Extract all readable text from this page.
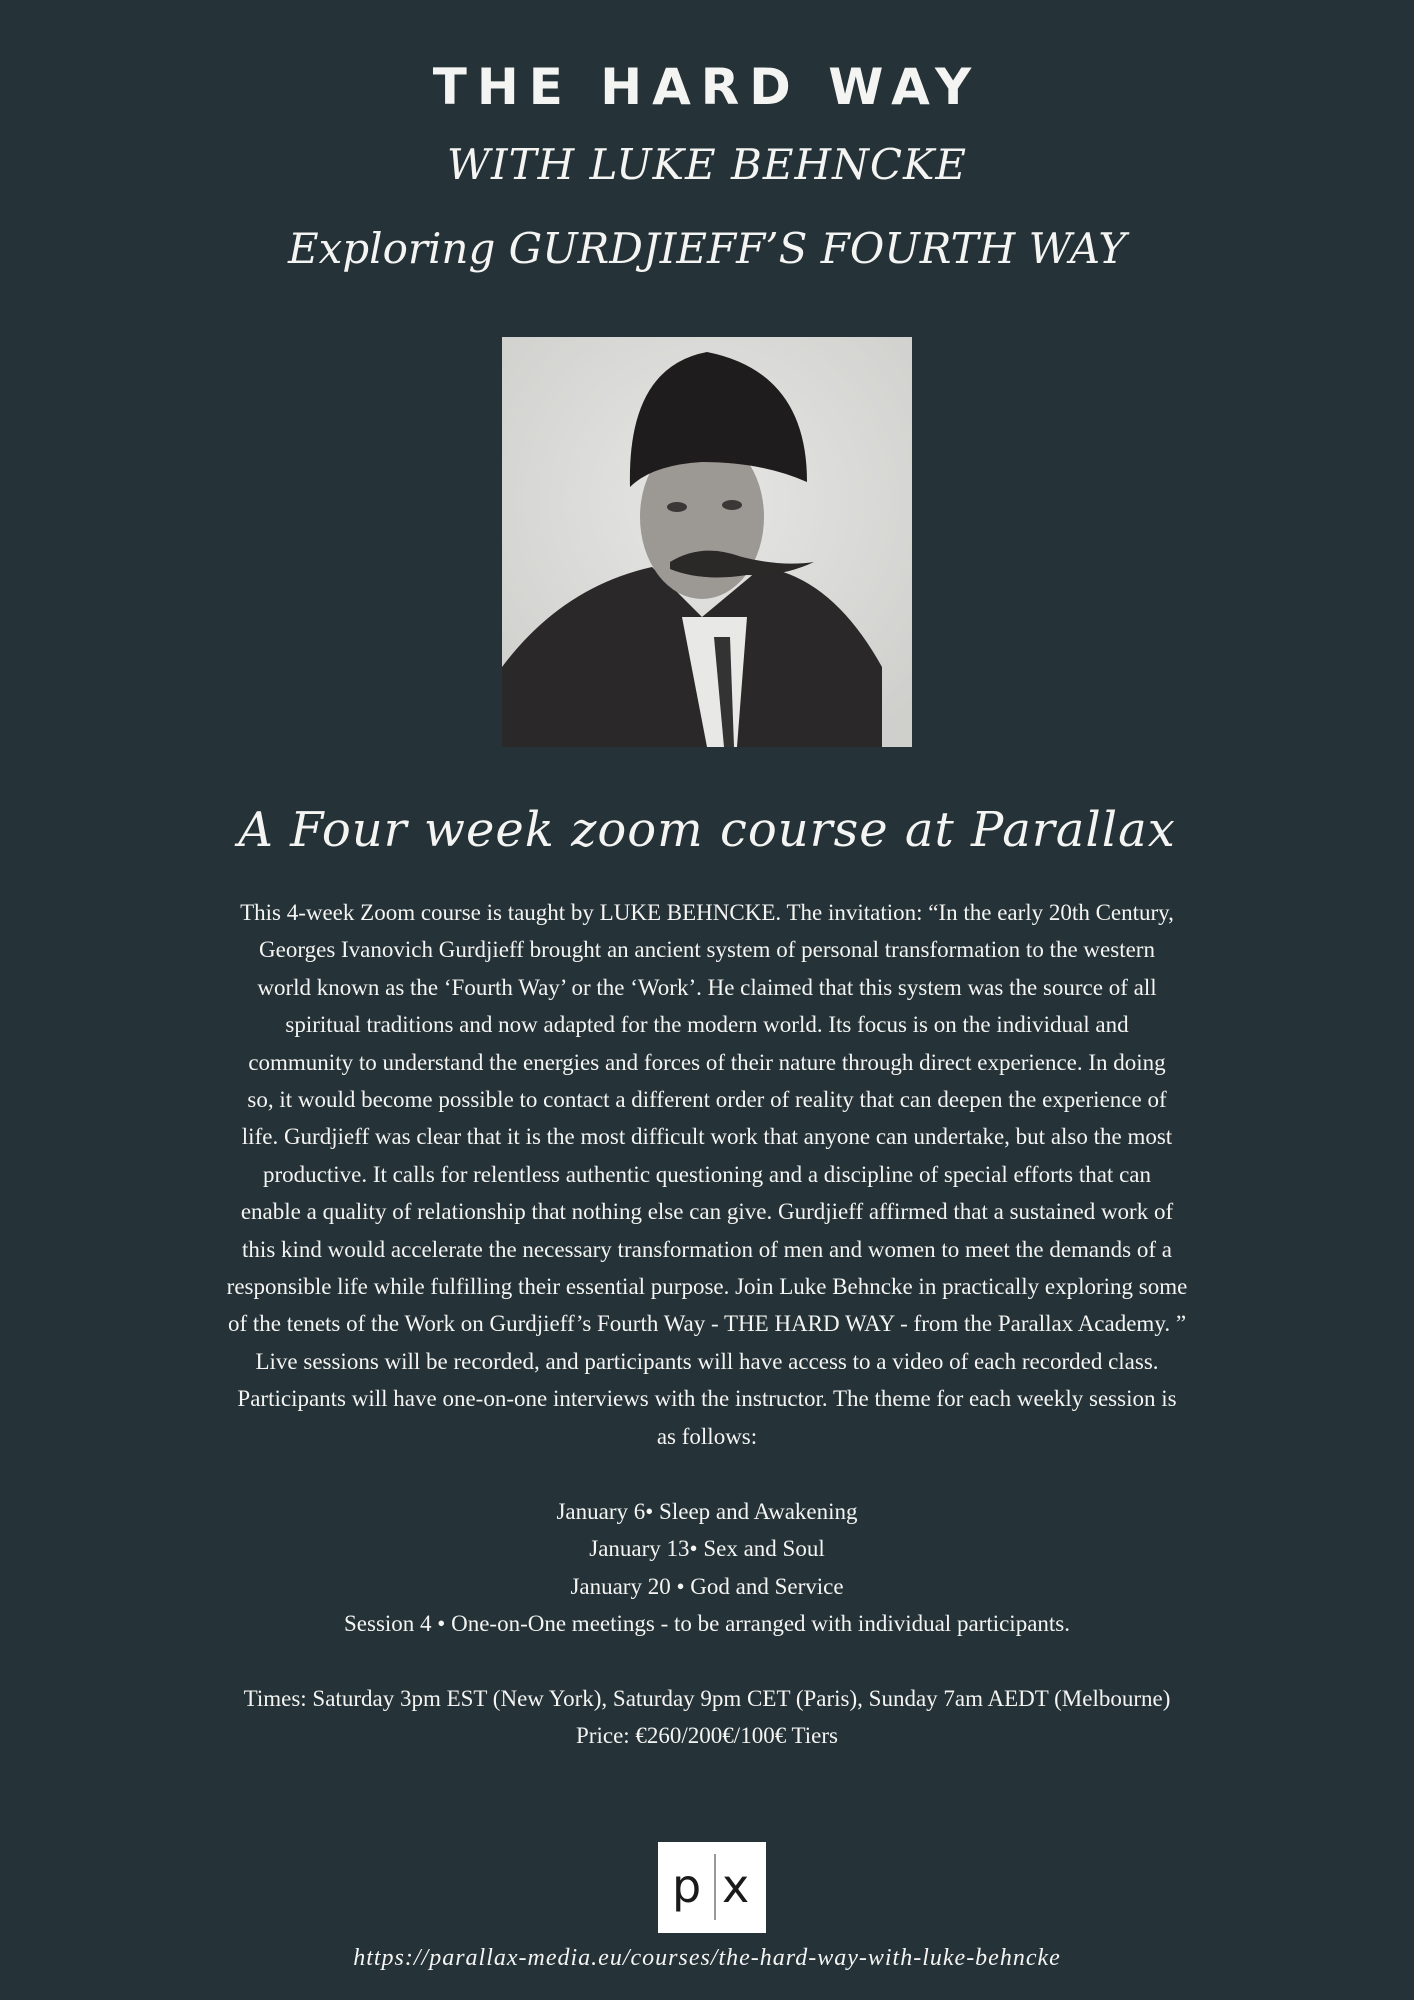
THE HARD WAY
WITH LUKE BEHNCKE
Exploring GURDJIEFF’S FOURTH WAY
A Four week zoom course at Parallax
This 4-week Zoom course is taught by LUKE BEHNCKE. The invitation: “In the early 20th Century,
Georges Ivanovich Gurdjieff brought an ancient system of personal transformation to the western
world known as the ‘Fourth Way’ or the ‘Work’. He claimed that this system was the source of all
spiritual traditions and now adapted for the modern world. Its focus is on the individual and
community to understand the energies and forces of their nature through direct experience. In doing
so, it would become possible to contact a different order of reality that can deepen the experience of
life. Gurdjieff was clear that it is the most difficult work that anyone can undertake, but also the most
productive. It calls for relentless authentic questioning and a discipline of special efforts that can
enable a quality of relationship that nothing else can give. Gurdjieff affirmed that a sustained work of
this kind would accelerate the necessary transformation of men and women to meet the demands of a
responsible life while fulfilling their essential purpose. Join Luke Behncke in practically exploring some
of the tenets of the Work on Gurdjieff’s Fourth Way - THE HARD WAY - from the Parallax Academy. ”
Live sessions will be recorded, and participants will have access to a video of each recorded class.
Participants will have one-on-one interviews with the instructor. The theme for each weekly session is
as follows:
January 6• Sleep and Awakening
January 13• Sex and Soul
January 20 • God and Service
Session 4 • One-on-One meetings - to be arranged with individual participants.
Times: Saturday 3pm EST (New York), Saturday 9pm CET (Paris), Sunday 7am AEDT (Melbourne)
Price: €260/200€/100€ Tiers
p x
https://parallax-media.eu/courses/the-hard-way-with-luke-behncke
